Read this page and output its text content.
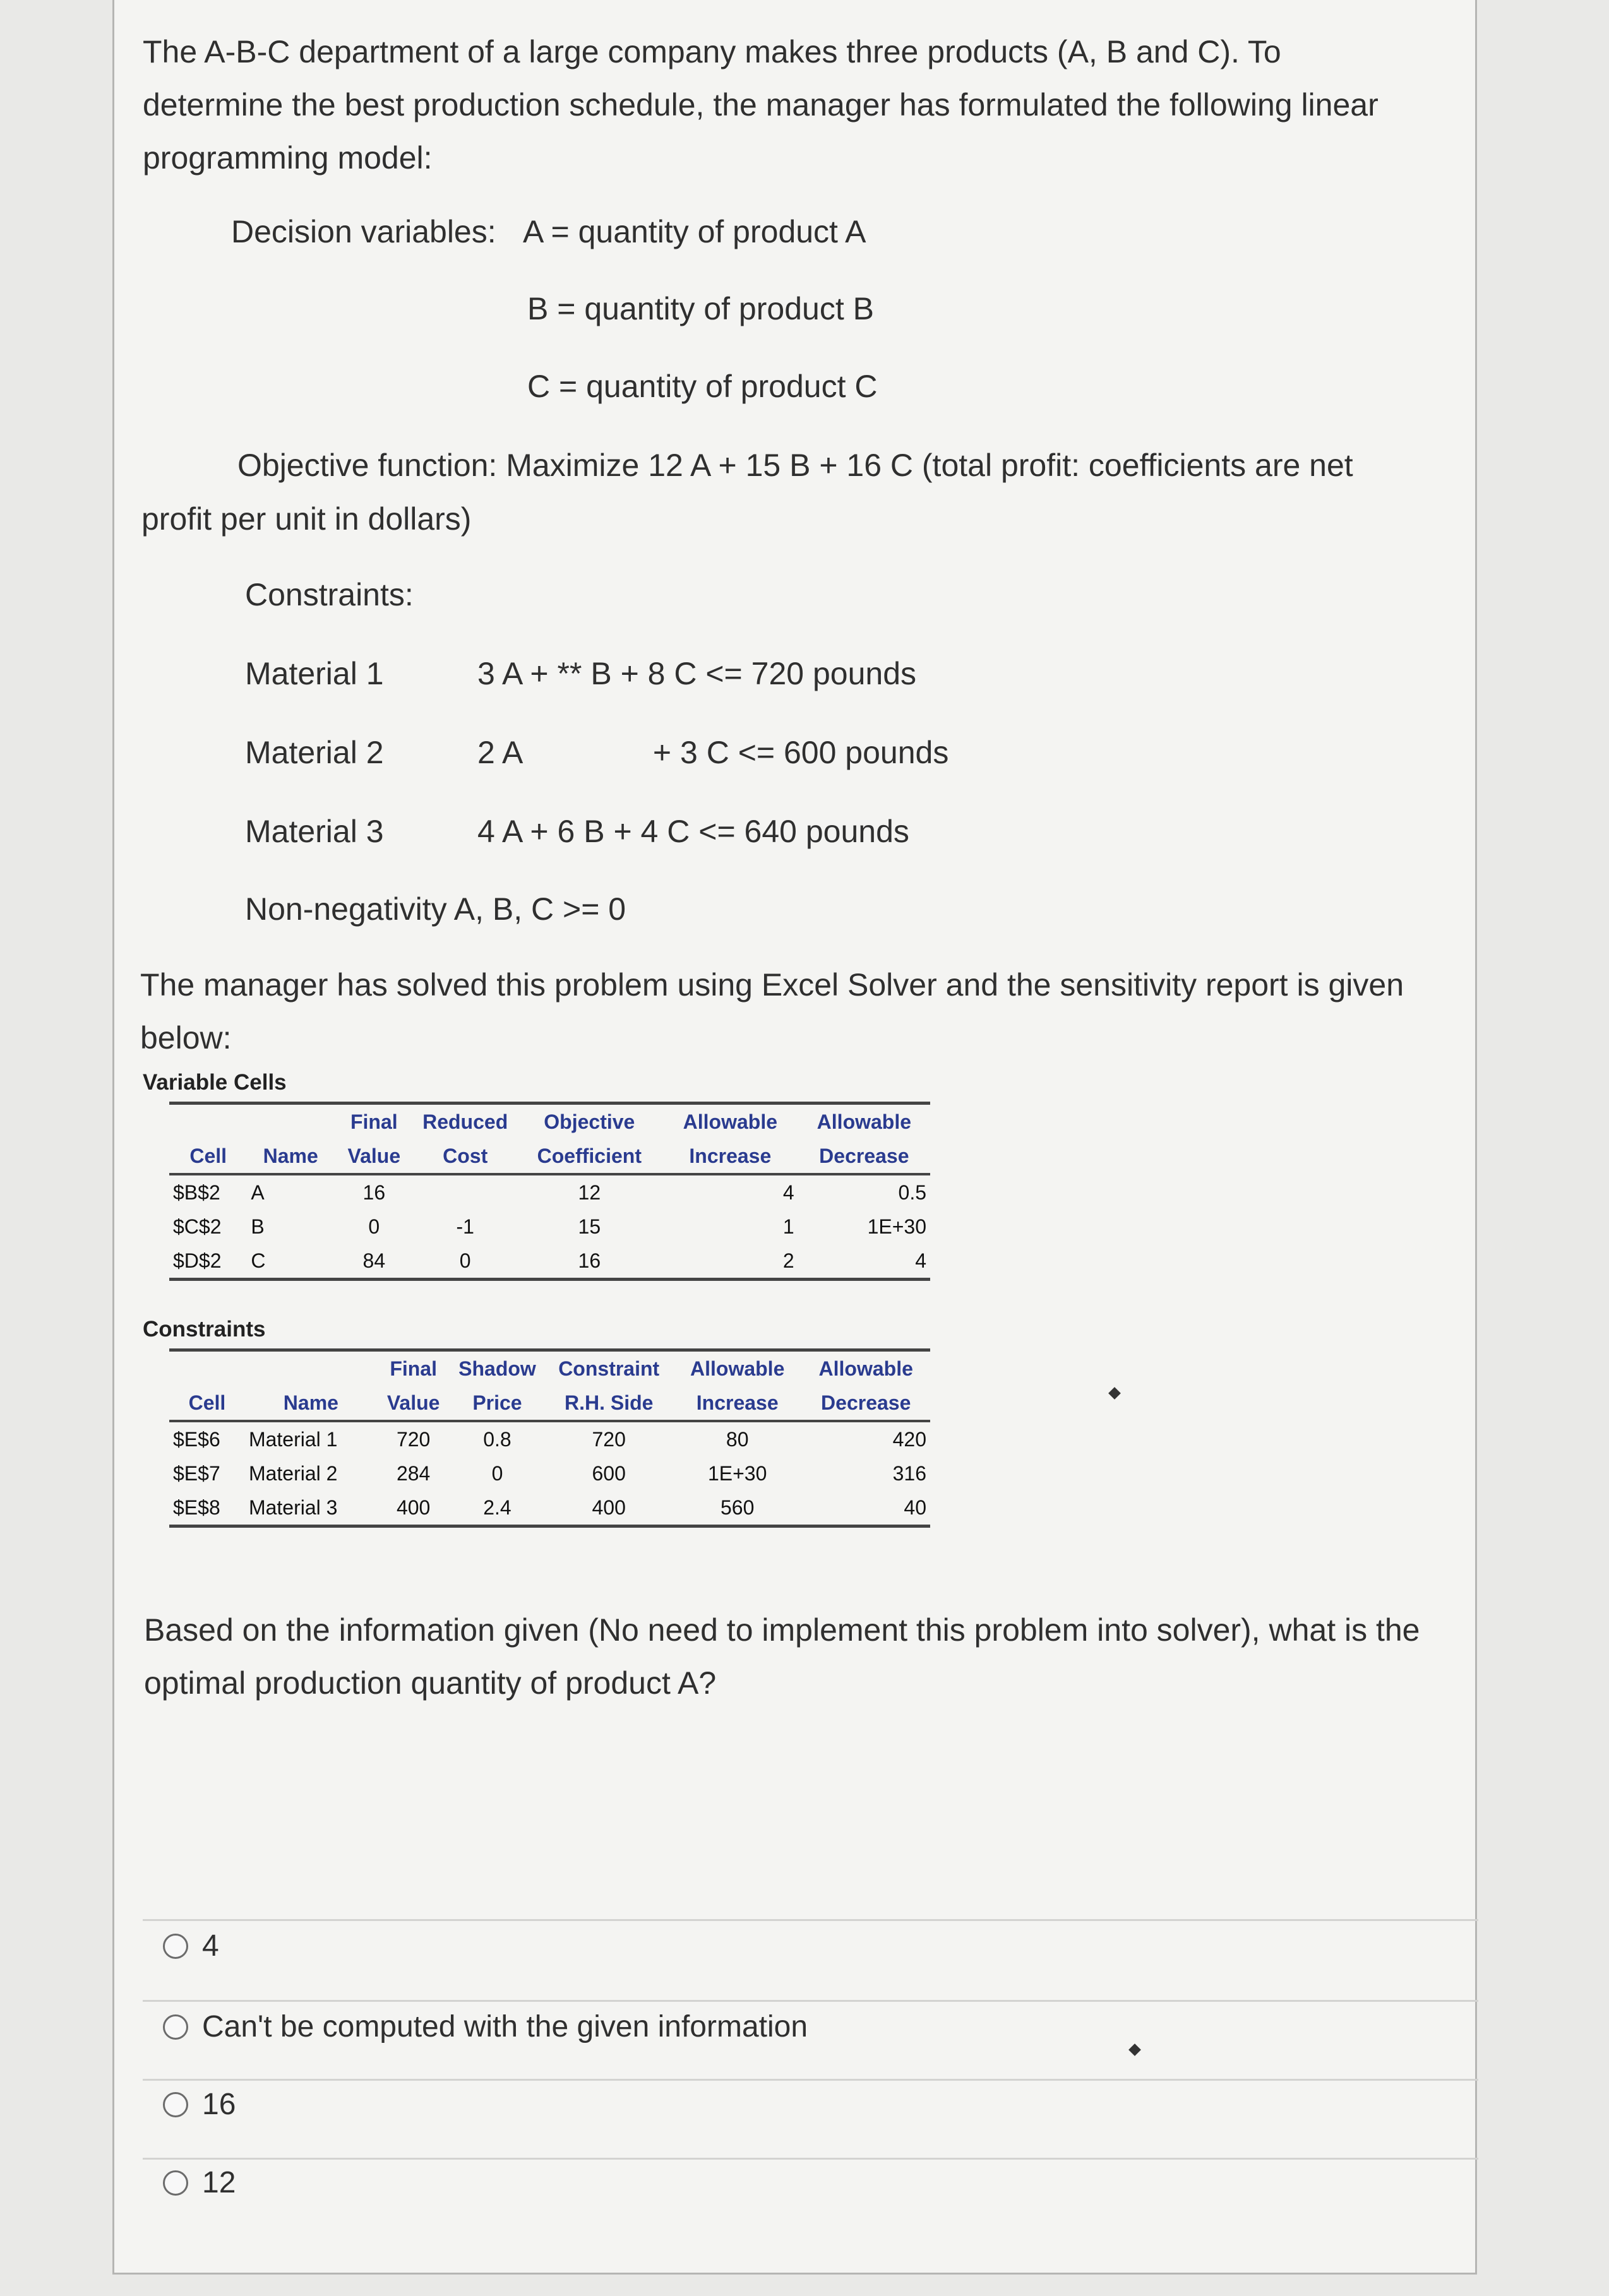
The A-B-C department of a large company makes three products (A, B and C). To determine the best production schedule, the manager has formulated the following linear programming model:
Decision variables: A = quantity of product A
B = quantity of product B
C = quantity of product C
Objective function: Maximize 12 A + 15 B + 16 C (total profit: coefficients are net
profit per unit in dollars)
Constraints:
Material 1	3 A + ** B + 8 C <= 720 pounds
Material 2	2 A               + 3 C <= 600 pounds
Material 3	4 A + 6 B + 4 C <= 640 pounds
Non-negativity A, B, C >= 0
The manager has solved this problem using Excel Solver and the sensitivity report is given below:
Variable Cells
		Final	Reduced	Objective	Allowable	Allowable
Cell	Name	Value	Cost	Coefficient	Increase	Decrease
$B$2	A	16		12	4	0.5
$C$2	B	0	-1	15	1	1E+30
$D$2	C	84	0	16	2	4
Constraints
		Final	Shadow	Constraint	Allowable	Allowable
Cell	Name	Value	Price	R.H. Side	Increase	Decrease
$E$6	Material 1	720	0.8	720	80	420
$E$7	Material 2	284	0	600	1E+30	316
$E$8	Material 3	400	2.4	400	560	40
Based on the information given (No need to implement this problem into solver), what is the optimal production quantity of product A?
4
Can't be computed with the given information
16
12
